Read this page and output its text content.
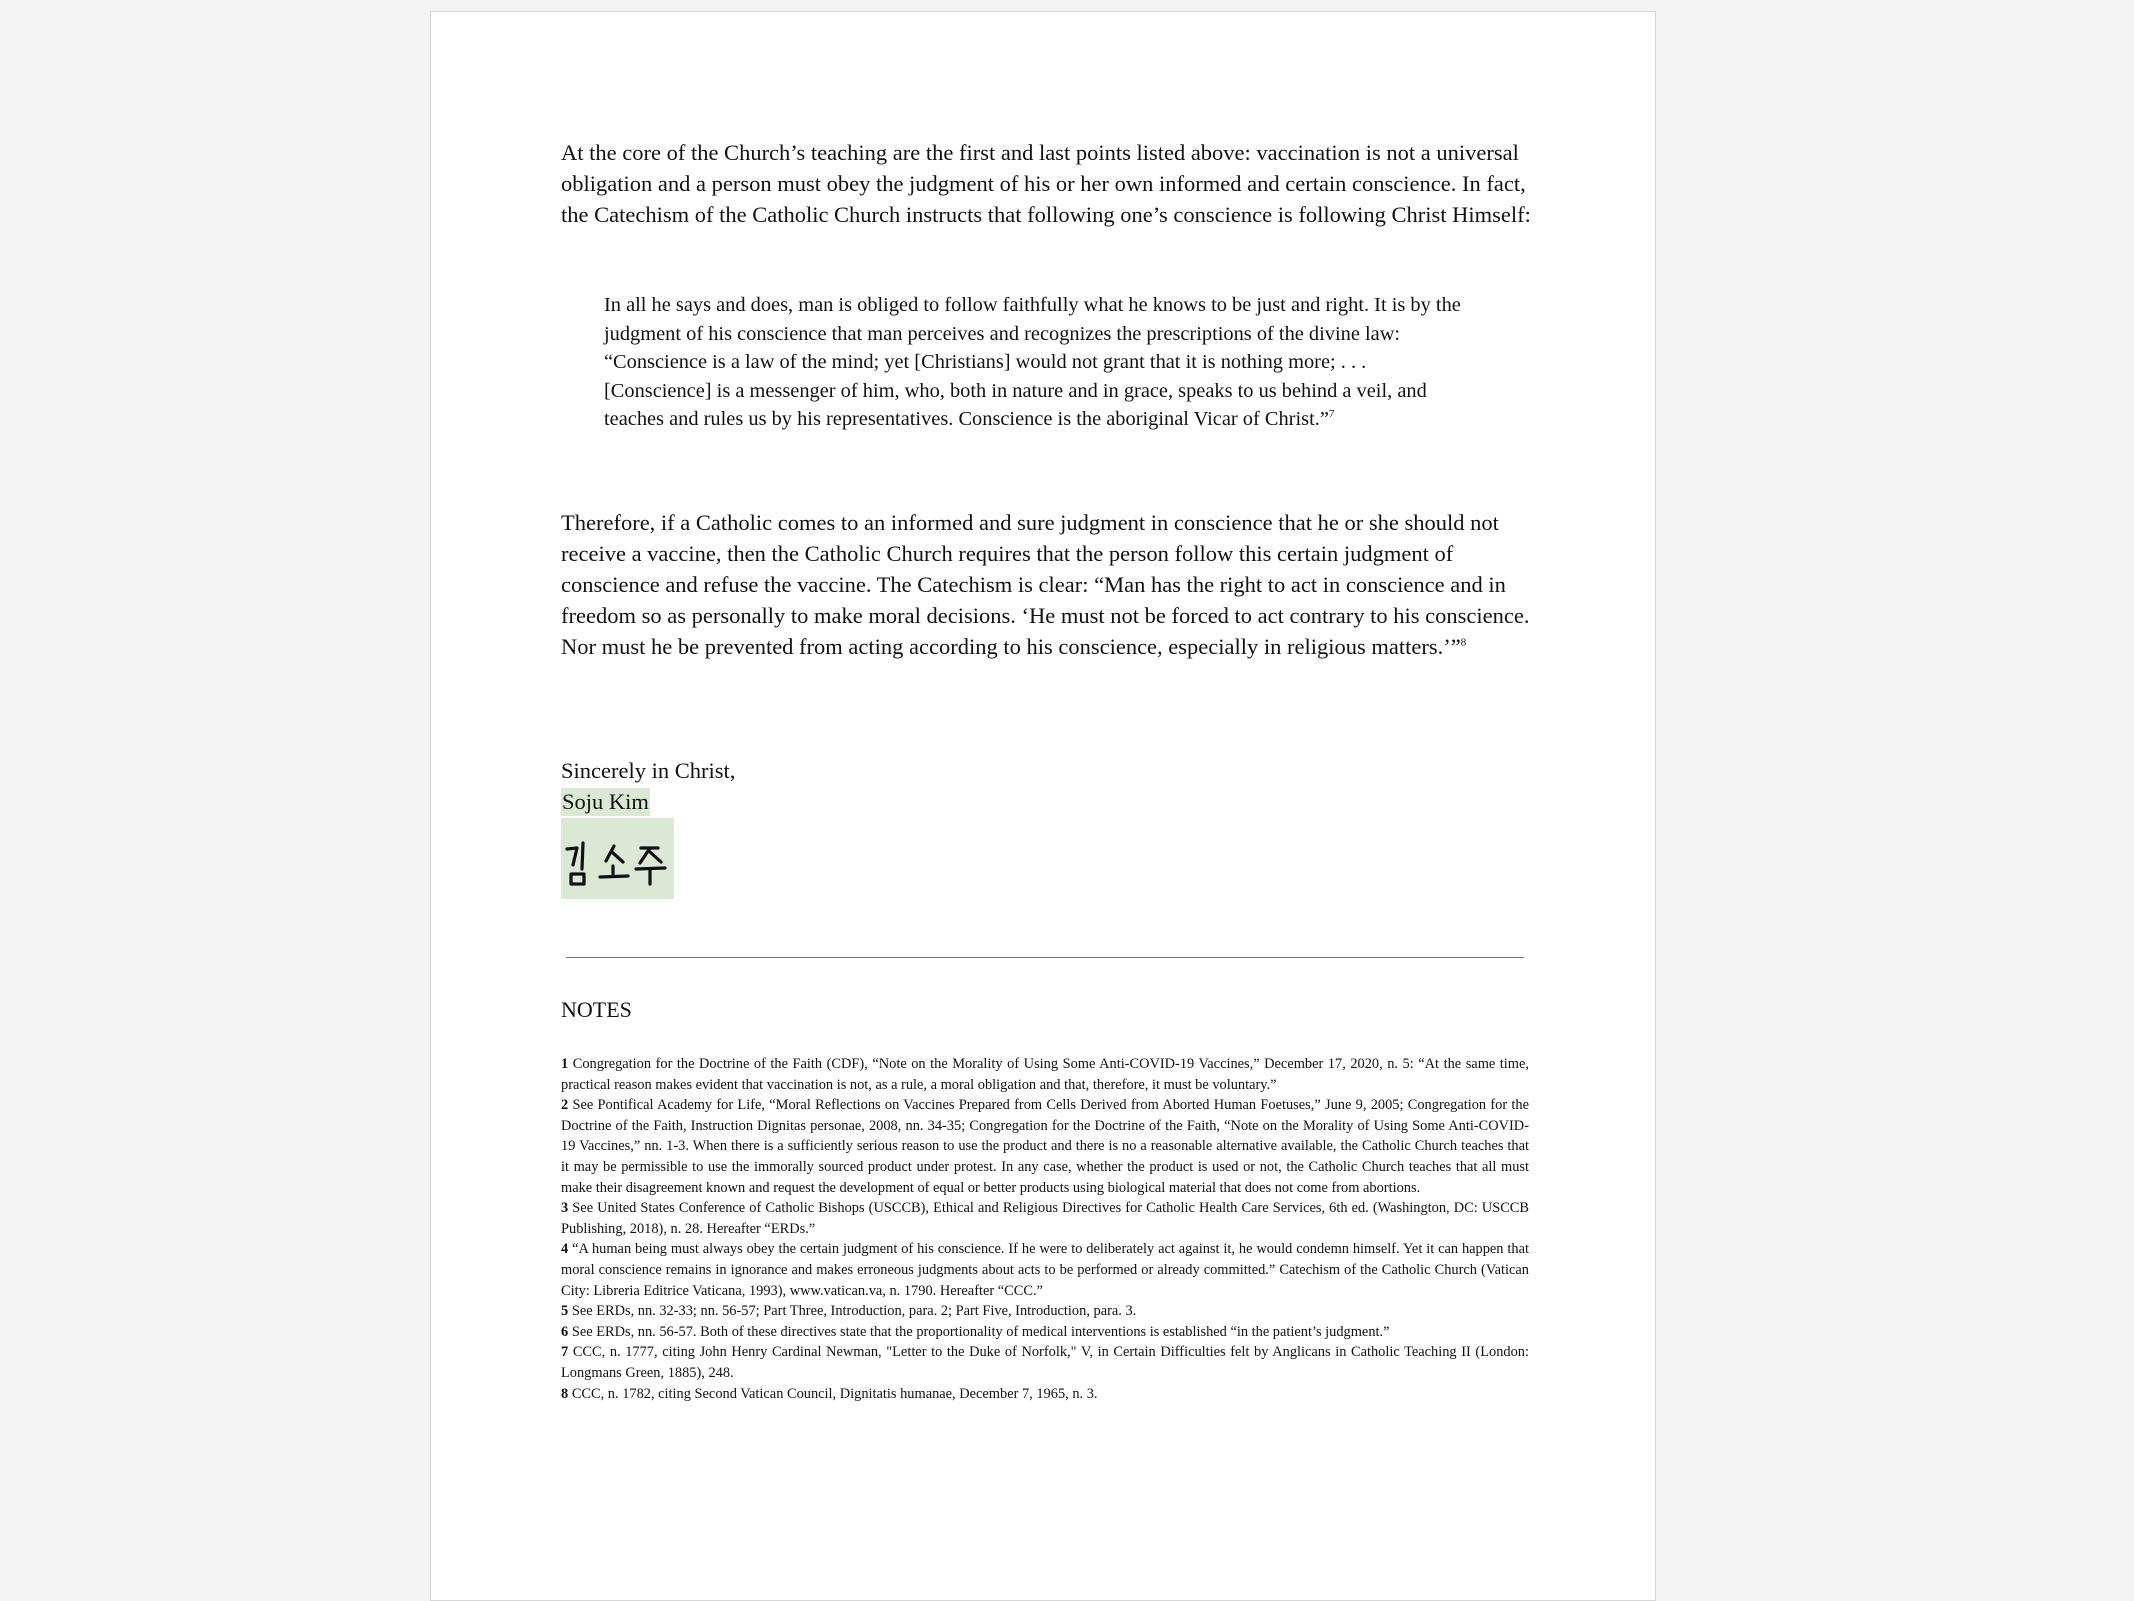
At the core of the Church’s teaching are the first and last points listed above: vaccination is not a universal obligation and a person must obey the judgment of his or her own informed and certain conscience. In fact, the Catechism of the Catholic Church instructs that following one’s conscience is following Christ Himself:

In all he says and does, man is obliged to follow faithfully what he knows to be just and right. It is by the judgment of his conscience that man perceives and recognizes the prescriptions of the divine law: “Conscience is a law of the mind; yet [Christians] would not grant that it is nothing more; . . . [Conscience] is a messenger of him, who, both in nature and in grace, speaks to us behind a veil, and teaches and rules us by his representatives. Conscience is the aboriginal Vicar of Christ.”$^7$

Therefore, if a Catholic comes to an informed and sure judgment in conscience that he or she should not receive a vaccine, then the Catholic Church requires that the person follow this certain judgment of conscience and refuse the vaccine. The Catechism is clear: “Man has the right to act in conscience and in freedom so as personally to make moral decisions. ‘He must not be forced to act contrary to his conscience. Nor must he be prevented from acting according to his conscience, especially in religious matters.’”$^8$

Sincerely in Christ,
Soju Kim
NOTES

1 Congregation for the Doctrine of the Faith (CDF), “Note on the Morality of Using Some Anti-COVID-19 Vaccines,” December 17, 2020, n. 5: “At the same time, practical reason makes evident that vaccination is not, as a rule, a moral obligation and that, therefore, it must be voluntary.”

2 See Pontifical Academy for Life, “Moral Reflections on Vaccines Prepared from Cells Derived from Aborted Human Foetuses,” June 9, 2005; Congregation for the Doctrine of the Faith, Instruction Dignitas personae, 2008, nn. 34-35; Congregation for the Doctrine of the Faith, “Note on the Morality of Using Some Anti-COVID-19 Vaccines,” nn. 1-3. When there is a sufficiently serious reason to use the product and there is no a reasonable alternative available, the Catholic Church teaches that it may be permissible to use the immorally sourced product under protest. In any case, whether the product is used or not, the Catholic Church teaches that all must make their disagreement known and request the development of equal or better products using biological material that does not come from abortions.

3 See United States Conference of Catholic Bishops (USCCB), Ethical and Religious Directives for Catholic Health Care Services, 6th ed. (Washington, DC: USCCB Publishing, 2018), n. 28. Hereafter “ERDs.”

4 “A human being must always obey the certain judgment of his conscience. If he were to deliberately act against it, he would condemn himself. Yet it can happen that moral conscience remains in ignorance and makes erroneous judgments about acts to be performed or already committed.” Catechism of the Catholic Church (Vatican City: Libreria Editrice Vaticana, 1993), www.vatican.va, n. 1790. Hereafter “CCC.”

5 See ERDs, nn. 32-33; nn. 56-57; Part Three, Introduction, para. 2; Part Five, Introduction, para. 3.

6 See ERDs, nn. 56-57. Both of these directives state that the proportionality of medical interventions is established “in the patient’s judgment.”

7 CCC, n. 1777, citing John Henry Cardinal Newman, "Letter to the Duke of Norfolk," V, in Certain Difficulties felt by Anglicans in Catholic Teaching II (London: Longmans Green, 1885), 248.

8 CCC, n. 1782, citing Second Vatican Council, Dignitatis humanae, December 7, 1965, n. 3.
